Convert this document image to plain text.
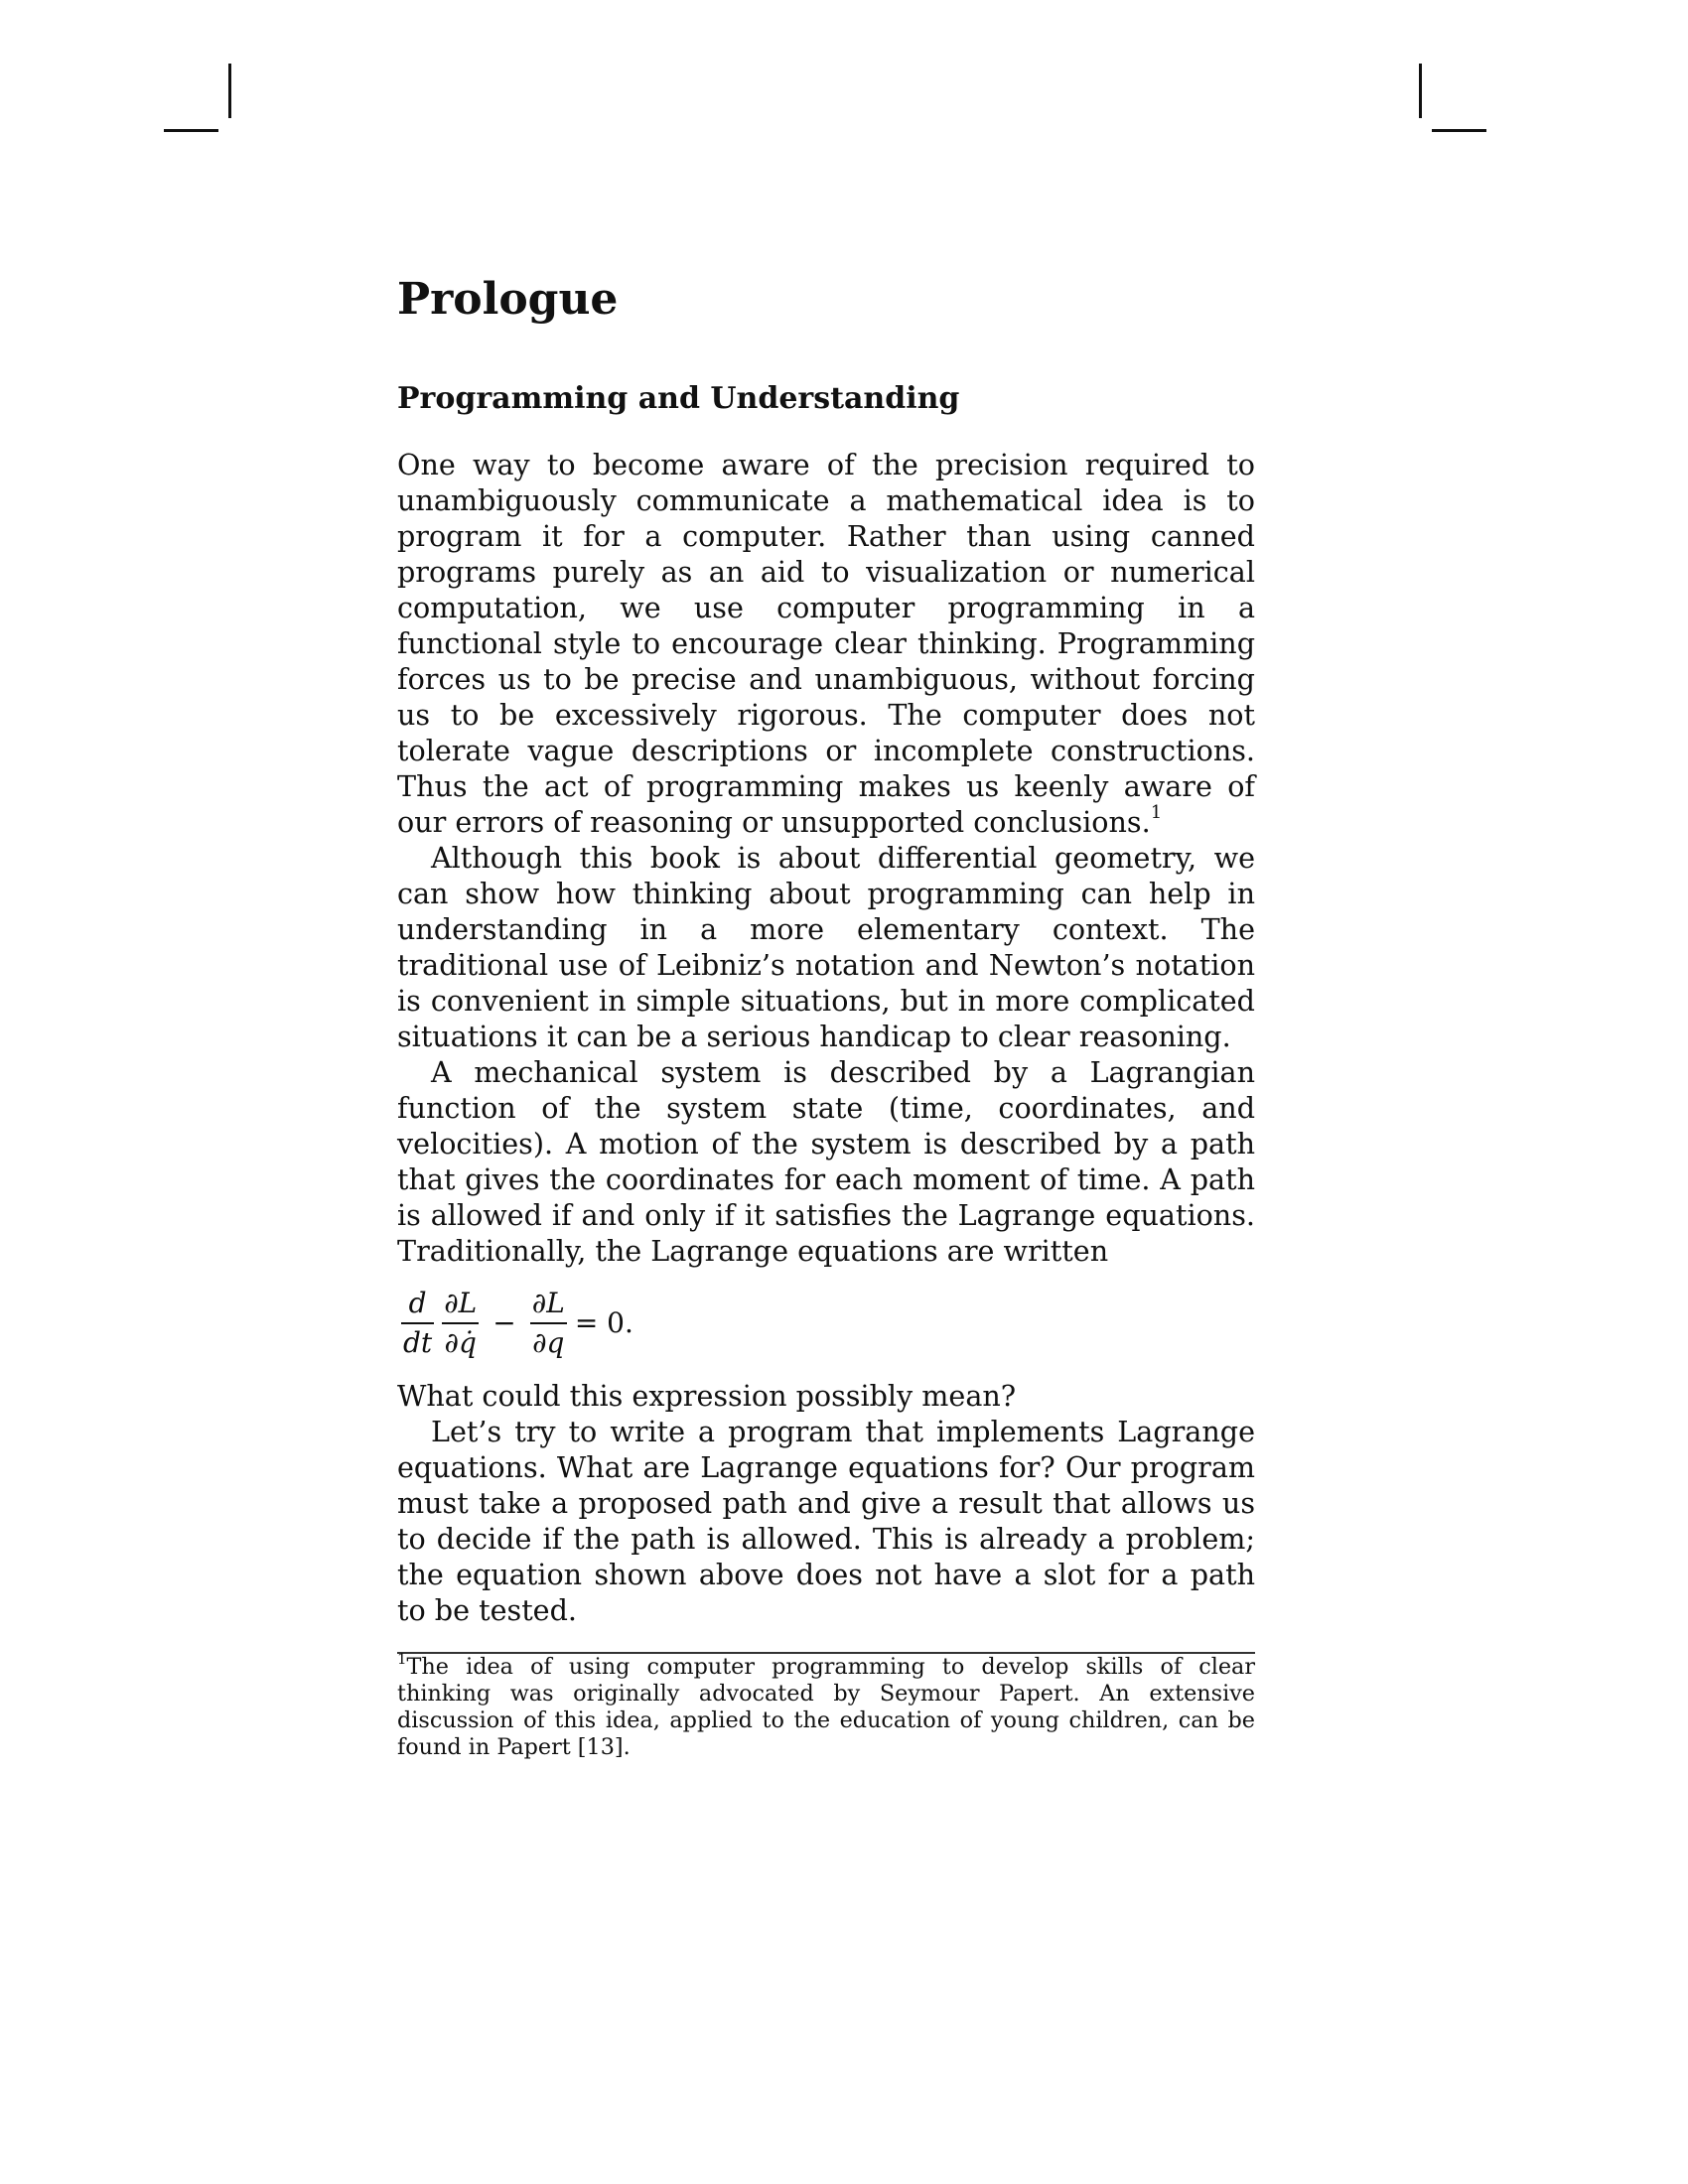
Prologue
Programming and Understanding

One way to become aware of the precision required to unambiguously communicate a mathematical idea is to program it for a computer. Rather than using canned programs purely as an aid to visualization or numerical computation, we use computer programming in a functional style to encourage clear thinking. Programming forces us to be precise and unambiguous, without forcing us to be excessively rigorous. The computer does not tolerate vague descriptions or incomplete constructions. Thus the act of programming makes us keenly aware of our errors of reasoning or unsupported conclusions.$^1$

Although this book is about differential geometry, we can show how thinking about programming can help in understanding in a more elementary context. The traditional use of Leibniz’s notation and Newton’s notation is convenient in simple situations, but in more complicated situations it can be a serious handicap to clear reasoning.

A mechanical system is described by a Lagrangian function of the system state (time, coordinates, and velocities). A motion of the system is described by a path that gives the coordinates for each moment of time. A path is allowed if and only if it satisfies the Lagrange equations. Traditionally, the Lagrange equations are written

$\frac{d}{dt} \frac{\partial L}{\partial q̇} - \frac{\partial L}{\partial q} = 0$.

What could this expression possibly mean?

Let’s try to write a program that implements Lagrange equations. What are Lagrange equations for? Our program must take a proposed path and give a result that allows us to decide if the path is allowed. This is already a problem; the equation shown above does not have a slot for a path to be tested.

$^1$The idea of using computer programming to develop skills of clear thinking was originally advocated by Seymour Papert. An extensive discussion of this idea, applied to the education of young children, can be found in Papert [13].
